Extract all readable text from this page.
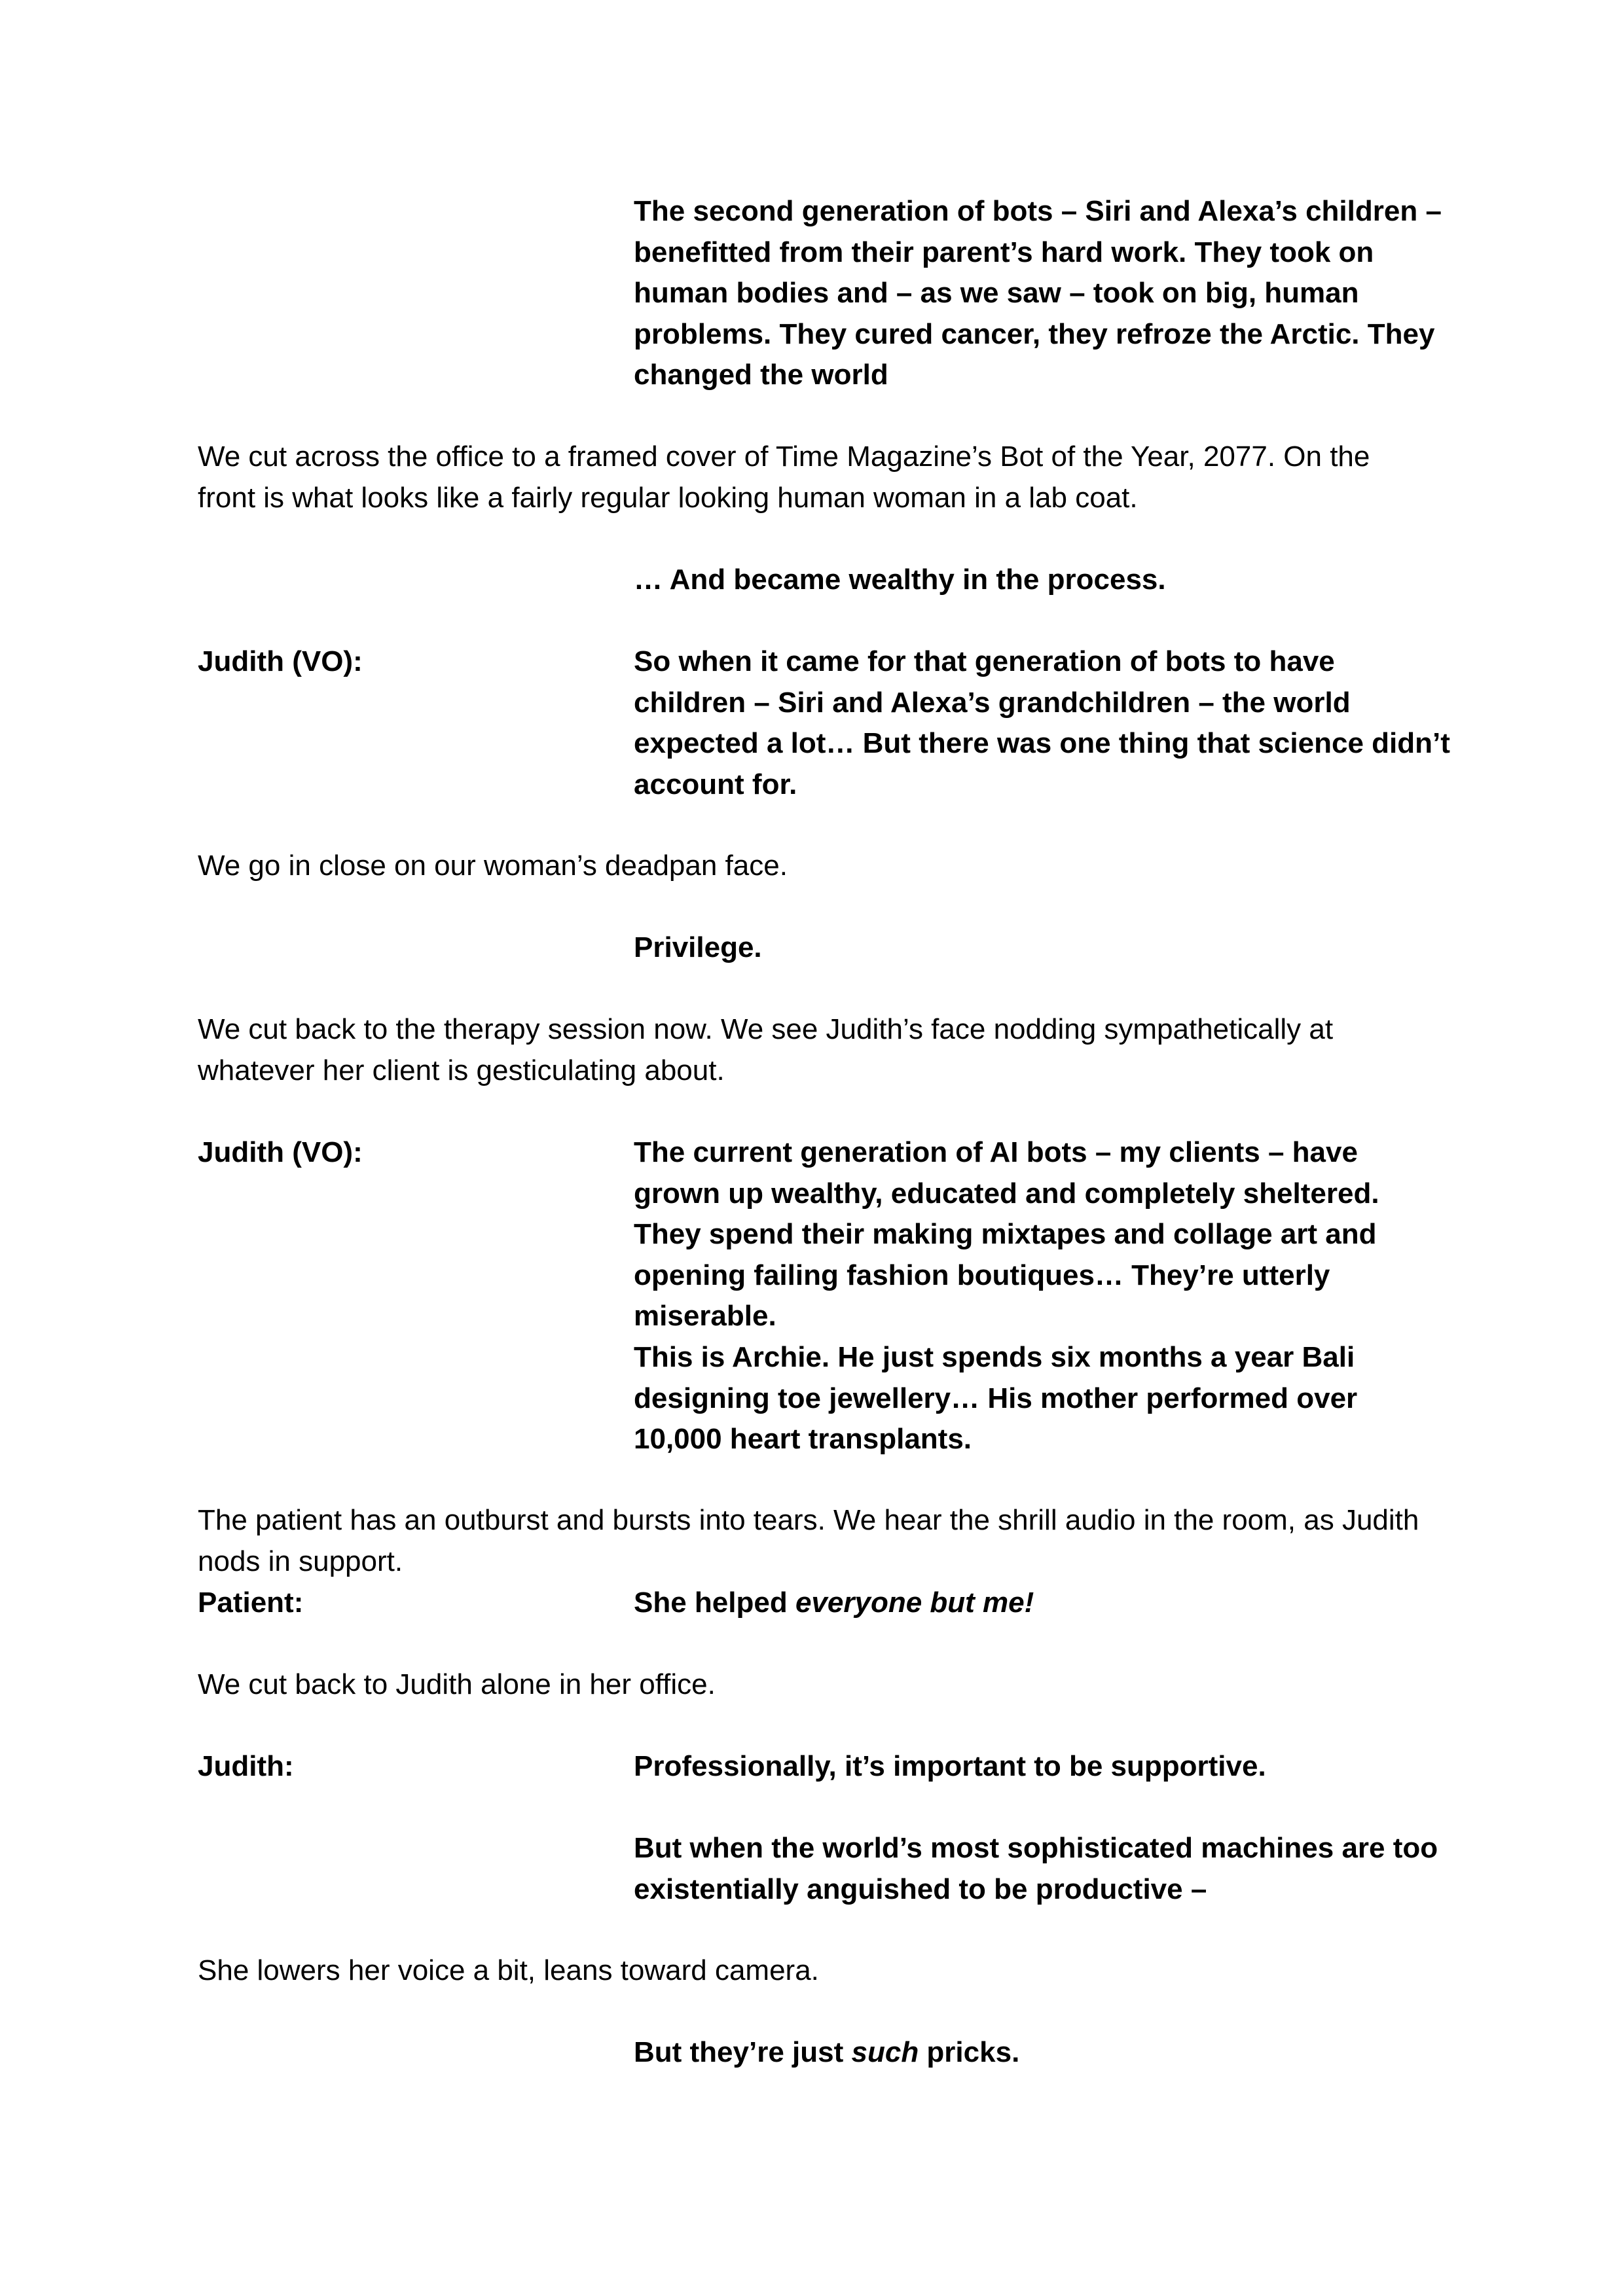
The second generation of bots – Siri and Alexa’s children – benefitted from their parent’s hard work. They took on human bodies and – as we saw – took on big, human problems. They cured cancer, they refroze the Arctic. They changed the world

We cut across the office to a framed cover of Time Magazine’s Bot of the Year, 2077. On the front is what looks like a fairly regular looking human woman in a lab coat.

… And became wealthy in the process.

Judith (VO):	So when it came for that generation of bots to have children – Siri and Alexa’s grandchildren – the world expected a lot… But there was one thing that science didn’t account for.

We go in close on our woman’s deadpan face.

Privilege.

We cut back to the therapy session now. We see Judith’s face nodding sympathetically at whatever her client is gesticulating about.

Judith (VO):	The current generation of AI bots – my clients – have grown up wealthy, educated and completely sheltered. They spend their making mixtapes and collage art and opening failing fashion boutiques… They’re utterly miserable.

This is Archie. He just spends six months a year Bali designing toe jewellery… His mother performed over 10,000 heart transplants.

The patient has an outburst and bursts into tears. We hear the shrill audio in the room, as Judith nods in support.

Patient:	She helped everyone but me!

We cut back to Judith alone in her office.

Judith:	Professionally, it’s important to be supportive.

But when the world’s most sophisticated machines are too existentially anguished to be productive –

She lowers her voice a bit, leans toward camera.

But they’re just such pricks.
